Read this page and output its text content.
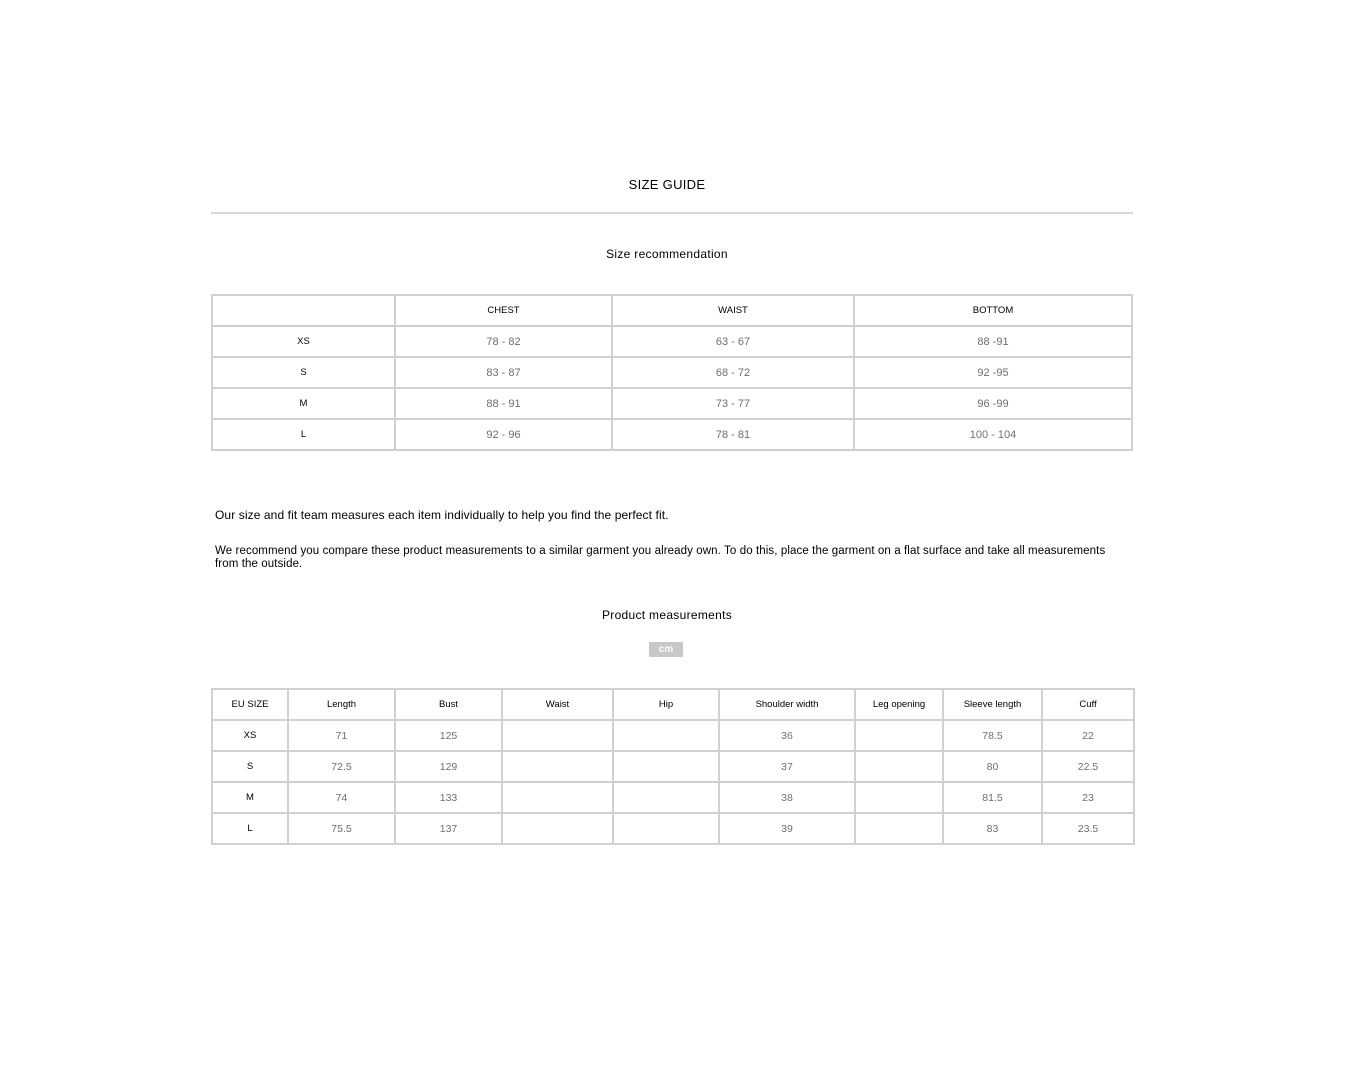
SIZE GUIDE
Size recommendation
	CHEST	WAIST	BOTTOM
XS	78 - 82	63 - 67	88 -91
S	83 - 87	68 - 72	92 -95
M	88 - 91	73 - 77	96 -99
L	92 - 96	78 - 81	100 - 104
Our size and fit team measures each item individually to help you find the perfect fit.
We recommend you compare these product measurements to a similar garment you already own. To do this, place the garment on a flat surface and take all measurements from the outside.
Product measurements
cm
EU SIZE	Length	Bust	Waist	Hip	Shoulder width	Leg opening	Sleeve length	Cuff
XS	71	125			36		78.5	22
S	72.5	129			37		80	22.5
M	74	133			38		81.5	23
L	75.5	137			39		83	23.5
